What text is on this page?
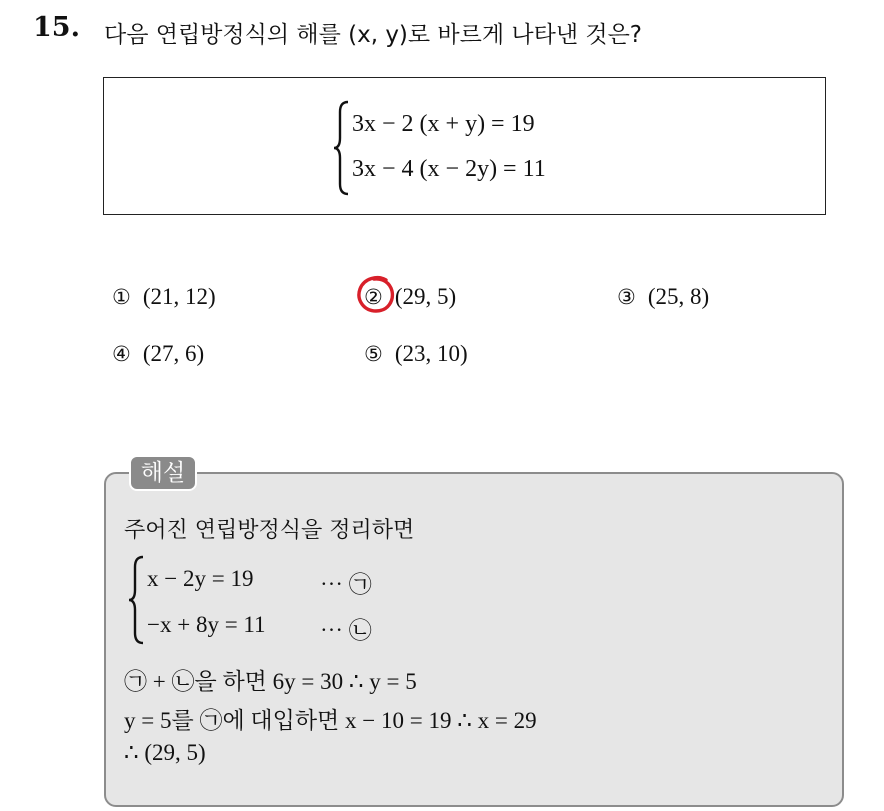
15. 다음 연립방정식의 해를 (x, y)로 바르게 나타낸 것은?
3x − 2 (x + y) = 19
3x − 4 (x − 2y) = 11
① (21, 12)	② (29, 5)	③ (25, 8)
④ (27, 6)	⑤ (23, 10)
해설
주어진 연립방정식을 정리하면
x − 2y = 19	⋯ ㉠
−x + 8y = 11 ⋯ ㉡
㉠ + ㉡을 하면 6y = 30 ∴ y = 5
y = 5를 ㉠에 대입하면 x − 10 = 19 ∴ x = 29
∴ (29, 5)
